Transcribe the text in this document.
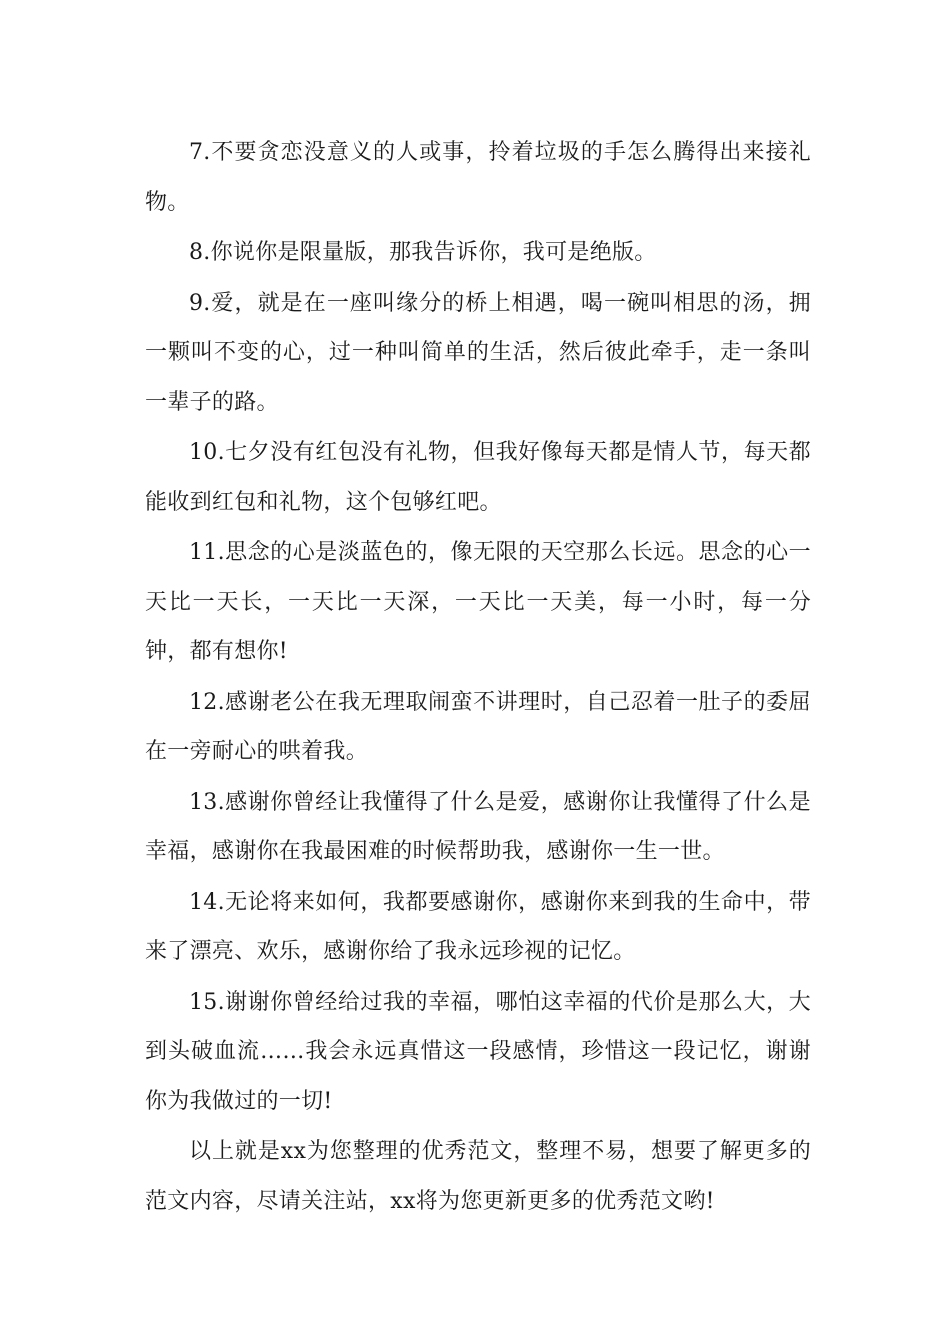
7.不要贪恋没意义的人或事，拎着垃圾的手怎么腾得出来接礼物。

8.你说你是限量版，那我告诉你，我可是绝版。

9.爱，就是在一座叫缘分的桥上相遇，喝一碗叫相思的汤，拥一颗叫不变的心，过一种叫简单的生活，然后彼此牵手，走一条叫一辈子的路。

10.七夕没有红包没有礼物，但我好像每天都是情人节，每天都能收到红包和礼物，这个包够红吧。

11.思念的心是淡蓝色的，像无限的天空那么长远。思念的心一天比一天长，一天比一天深，一天比一天美，每一小时，每一分钟，都有想你!

12.感谢老公在我无理取闹蛮不讲理时，自己忍着一肚子的委屈在一旁耐心的哄着我。

13.感谢你曾经让我懂得了什么是爱，感谢你让我懂得了什么是幸福，感谢你在我最困难的时候帮助我，感谢你一生一世。

14.无论将来如何，我都要感谢你，感谢你来到我的生命中，带来了漂亮、欢乐，感谢你给了我永远珍视的记忆。

15.谢谢你曾经给过我的幸福，哪怕这幸福的代价是那么大，大到头破血流……我会永远真惜这一段感情，珍惜这一段记忆，谢谢你为我做过的一切!

以上就是xx为您整理的优秀范文，整理不易，想要了解更多的范文内容，尽请关注站，xx将为您更新更多的优秀范文哟!
